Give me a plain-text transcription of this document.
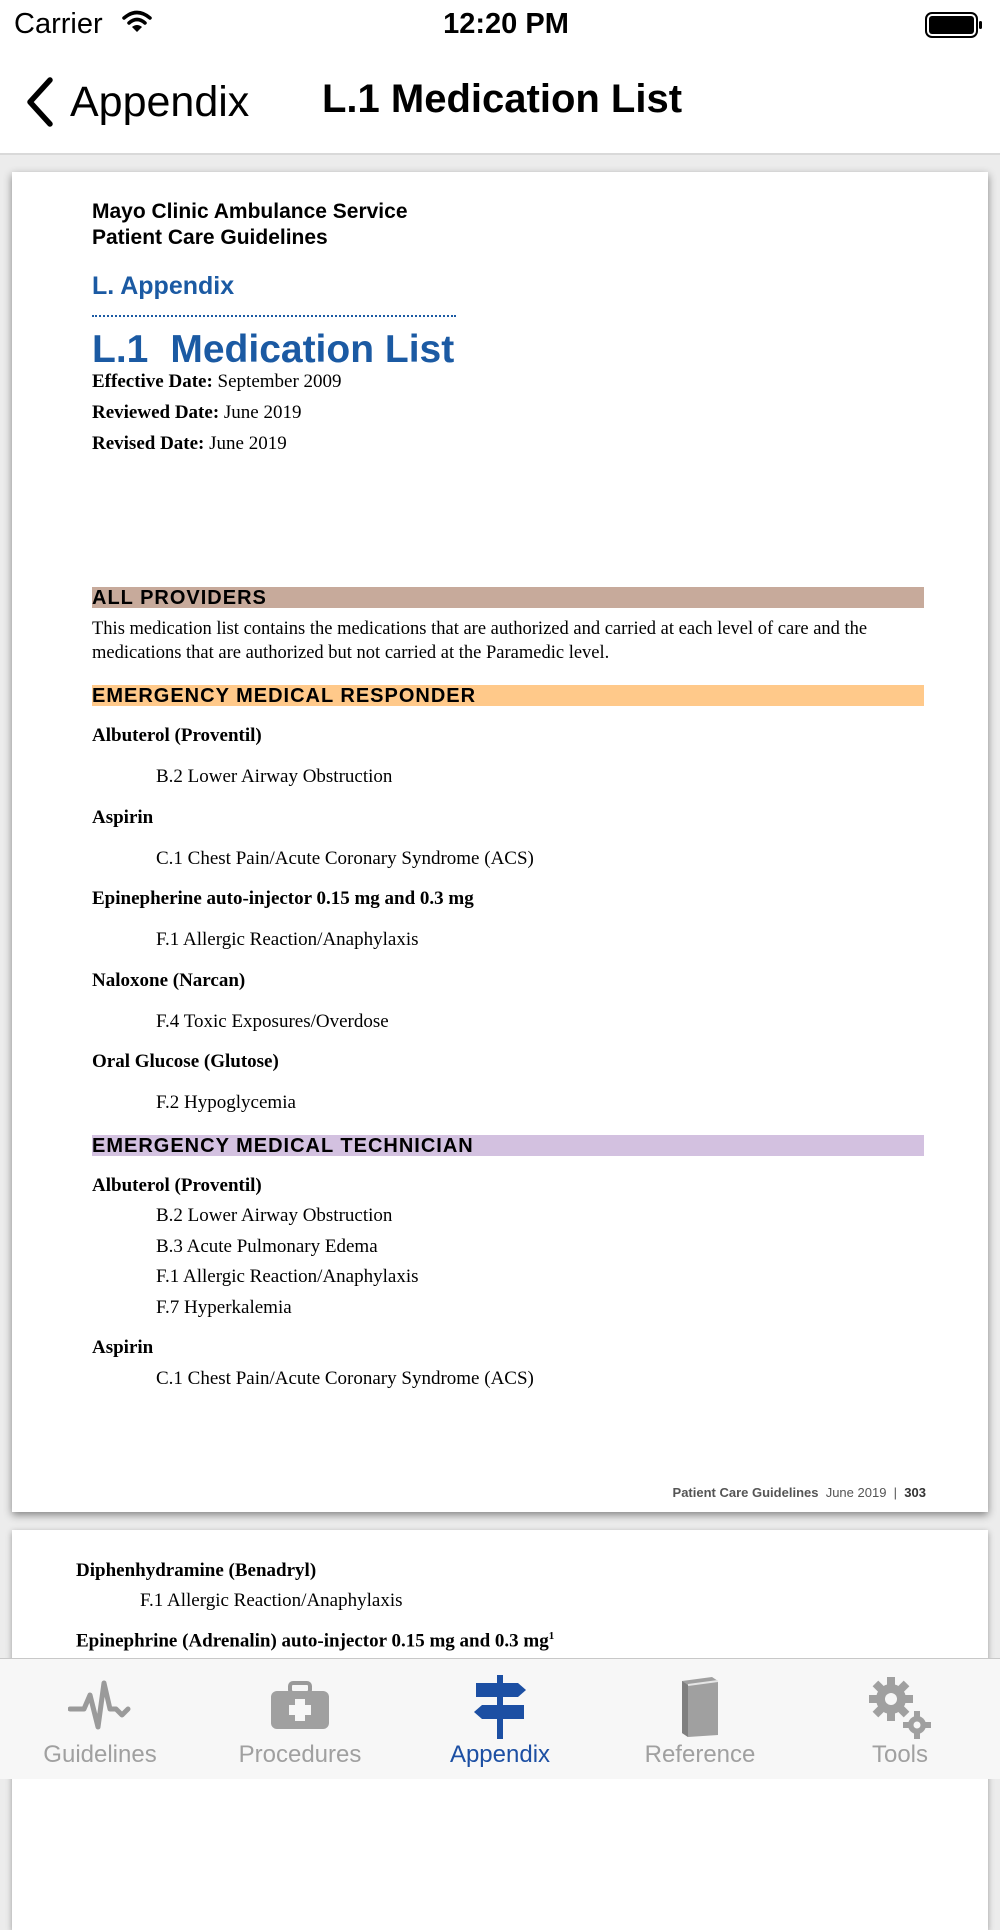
Carrier	12:20 PM
Appendix L.1 Medication List
Mayo Clinic Ambulance Service
Patient Care Guidelines
L. Appendix
L.1 Medication List
Effective Date: September 2009
Reviewed Date: June 2019
Revised Date: June 2019
ALL PROVIDERS
This medication list contains the medications that are authorized and carried at each level of care and the medications that are authorized but not carried at the Paramedic level.
EMERGENCY MEDICAL RESPONDER
Albuterol (Proventil)
B.2 Lower Airway Obstruction
Aspirin
C.1 Chest Pain/Acute Coronary Syndrome (ACS)
Epinepherine auto-injector 0.15 mg and 0.3 mg
F.1 Allergic Reaction/Anaphylaxis
Naloxone (Narcan)
F.4 Toxic Exposures/Overdose
Oral Glucose (Glutose)
F.2 Hypoglycemia
EMERGENCY MEDICAL TECHNICIAN
Albuterol (Proventil)
B.2 Lower Airway Obstruction
B.3 Acute Pulmonary Edema
F.1 Allergic Reaction/Anaphylaxis
F.7 Hyperkalemia
Aspirin
C.1 Chest Pain/Acute Coronary Syndrome (ACS)
Patient Care Guidelines June 2019 | 303
Diphenhydramine (Benadryl)
F.1 Allergic Reaction/Anaphylaxis
Epinephrine (Adrenalin) auto-injector 0.15 mg and 0.3 $mg^1$
Guidelines	Procedures	Appendix	Reference	Tools
